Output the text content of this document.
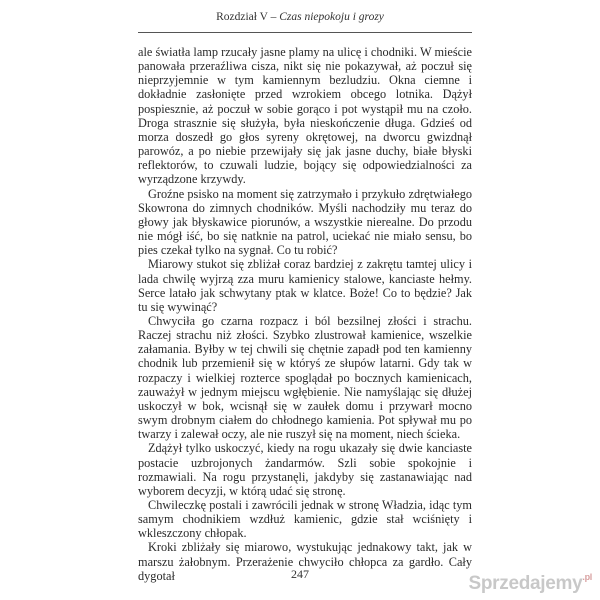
Rozdział V – Czas niepokoju i grozy

ale światła lamp rzucały jasne plamy na ulicę i chodniki. W mieście panowała przeraźliwa cisza, nikt się nie pokazywał, aż poczuł się nieprzyjemnie w tym kamiennym bezludziu. Okna ciemne i dokładnie zasłonięte przed wzrokiem obcego lotnika. Dążył pospiesznie, aż poczuł w sobie gorąco i pot wystąpił mu na czoło. Droga strasznie się służyła, była nieskończenie długa. Gdzieś od morza doszedł go głos syreny okrętowej, na dworcu gwizdnął parowóz, a po niebie przewijały się jak jasne duchy, białe błyski reflektorów, to czuwali ludzie, bojący się odpowiedzialności za wyrządzone krzywdy.

Groźne psisko na moment się zatrzymało i przykuło zdrętwiałego Skowrona do zimnych chodników. Myśli nachodziły mu teraz do głowy jak błyskawice piorunów, a wszystkie nierealne. Do przodu nie mógł iść, bo się natknie na patrol, uciekać nie miało sensu, bo pies czekał tylko na sygnał. Co tu robić?

Miarowy stukot się zbliżał coraz bardziej z zakrętu tamtej ulicy i lada chwilę wyjrzą zza muru kamienicy stalowe, kanciaste hełmy. Serce latało jak schwytany ptak w klatce. Boże! Co to będzie? Jak tu się wywinąć?

Chwyciła go czarna rozpacz i ból bezsilnej złości i strachu. Raczej strachu niż złości. Szybko zlustrował kamienice, wszelkie załamania. Byłby w tej chwili się chętnie zapadł pod ten kamienny chodnik lub przemienił się w któryś ze słupów latarni. Gdy tak w rozpaczy i wielkiej rozterce spoglądał po bocznych kamienicach, zauważył w jednym miejscu wgłębienie. Nie namyślając się dłużej uskoczył w bok, wcisnął się w zaułek domu i przywarł mocno swym drobnym ciałem do chłodnego kamienia. Pot spływał mu po twarzy i zalewał oczy, ale nie ruszył się na moment, niech ścieka.

Zdążył tylko uskoczyć, kiedy na rogu ukazały się dwie kanciaste postacie uzbrojonych żandarmów. Szli sobie spokojnie i rozmawiali. Na rogu przystanęli, jakdyby się zastanawiając nad wyborem decyzji, w którą udać się stronę.

Chwileczkę postali i zawrócili jednak w stronę Władzia, idąc tym samym chodnikiem wzdłuż kamienic, gdzie stał wciśnięty i wkleszczony chłopak.

Kroki zbliżały się miarowo, wystukując jednakowy takt, jak w marszu żałobnym. Przerażenie chwyciło chłopca za gardło. Cały dygotał	247	Sprzedajemy$^{.pl}$
